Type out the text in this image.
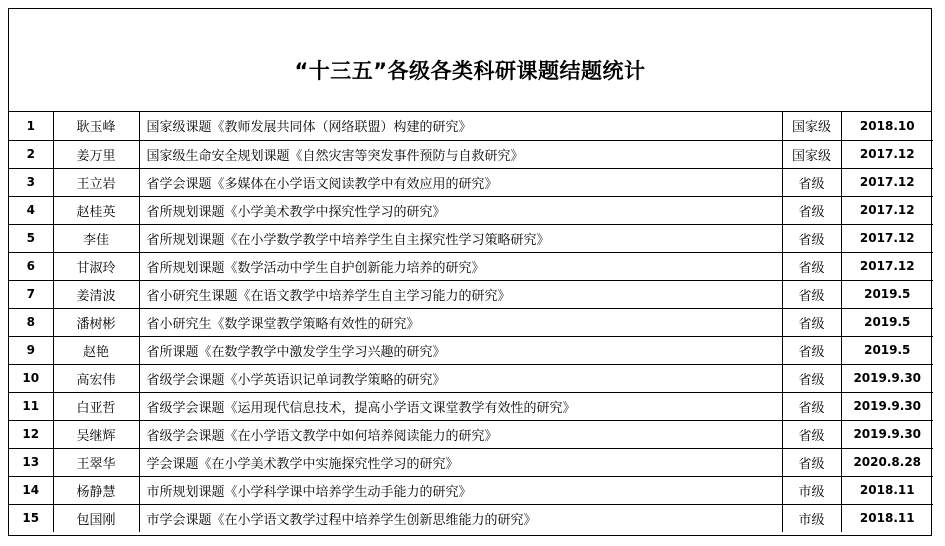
“十三五”各级各类科研课题结题统计
1	耿玉峰	国家级课题《教师发展共同体（网络联盟）构建的研究》	国家级	2018.10
2	姜万里	国家级生命安全规划课题《自然灾害等突发事件预防与自救研究》	国家级	2017.12
3	王立岩	省学会课题《多媒体在小学语文阅读教学中有效应用的研究》	省级	2017.12
4	赵桂英	省所规划课题《小学美术教学中探究性学习的研究》	省级	2017.12
5	李佳	省所规划课题《在小学数学教学中培养学生自主探究性学习策略研究》	省级	2017.12
6	甘淑玲	省所规划课题《数学活动中学生自护创新能力培养的研究》	省级	2017.12
7	姜清波	省小研究生课题《在语文教学中培养学生自主学习能力的研究》	省级	2019.5
8	潘树彬	省小研究生《数学课堂教学策略有效性的研究》	省级	2019.5
9	赵艳	省所课题《在数学教学中激发学生学习兴趣的研究》	省级	2019.5
10	高宏伟	省级学会课题《小学英语识记单词教学策略的研究》	省级	2019.9.30
11	白亚哲	省级学会课题《运用现代信息技术，提高小学语文课堂教学有效性的研究》	省级	2019.9.30
12	吴继辉	省级学会课题《在小学语文教学中如何培养阅读能力的研究》	省级	2019.9.30
13	王翠华	学会课题《在小学美术教学中实施探究性学习的研究》	省级	2020.8.28
14	杨静慧	市所规划课题《小学科学课中培养学生动手能力的研究》	市级	2018.11
15	包国刚	市学会课题《在小学语文教学过程中培养学生创新思维能力的研究》	市级	2018.11
